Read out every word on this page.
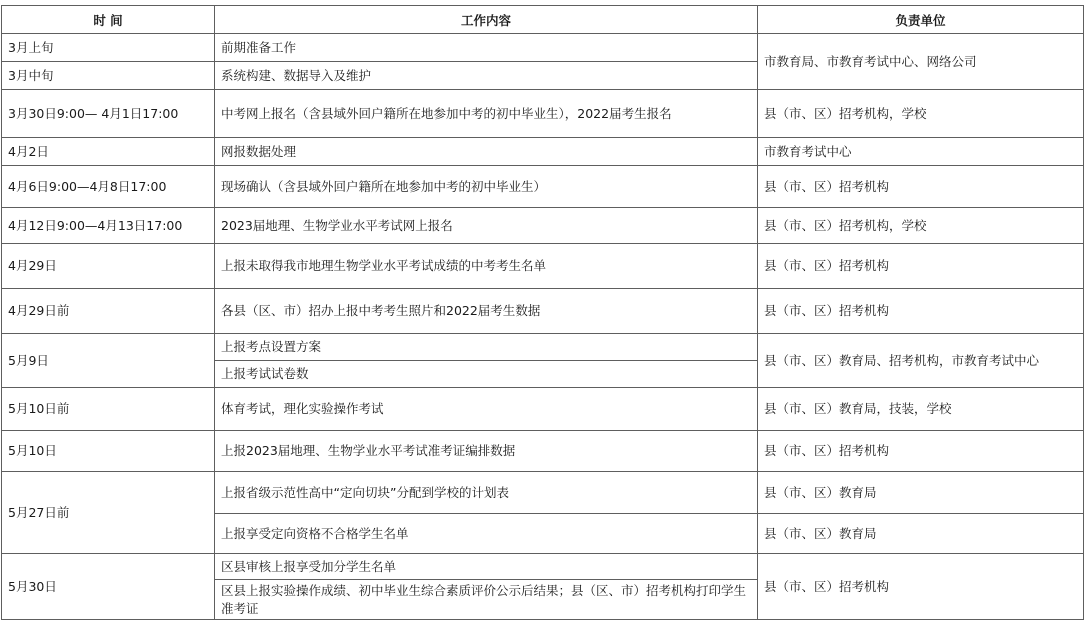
时 间	工作内容	负责单位
3月上旬	前期准备工作	市教育局、市教育考试中心、网络公司
3月中旬	系统构建、数据导入及维护	
3月30日9:00— 4月1日17:00	中考网上报名（含县域外回户籍所在地参加中考的初中毕业生），2022届考生报名	县（市、区）招考机构，学校
4月2日	网报数据处理	市教育考试中心
4月6日9:00—4月8日17:00	现场确认（含县域外回户籍所在地参加中考的初中毕业生）	县（市、区）招考机构
4月12日9:00—4月13日17:00	2023届地理、生物学业水平考试网上报名	县（市、区）招考机构，学校
4月29日	上报未取得我市地理生物学业水平考试成绩的中考考生名单	县（市、区）招考机构
4月29日前	各县（区、市）招办上报中考考生照片和2022届考生数据	县（市、区）招考机构
5月9日	上报考点设置方案	县（市、区）教育局、招考机构，市教育考试中心
	上报考试试卷数	
5月10日前	体育考试，理化实验操作考试	县（市、区）教育局，技装，学校
5月10日	上报2023届地理、生物学业水平考试准考证编排数据	县（市、区）招考机构
5月27日前	上报省级示范性高中“定向切块”分配到学校的计划表	县（市、区）教育局
	上报享受定向资格不合格学生名单	县（市、区）教育局
5月30日	区县审核上报享受加分学生名单	县（市、区）招考机构

	区县上报实验操作成绩、初中毕业生综合素质评价公示后结果；县（区、市）招考机构打印学生准考证	
